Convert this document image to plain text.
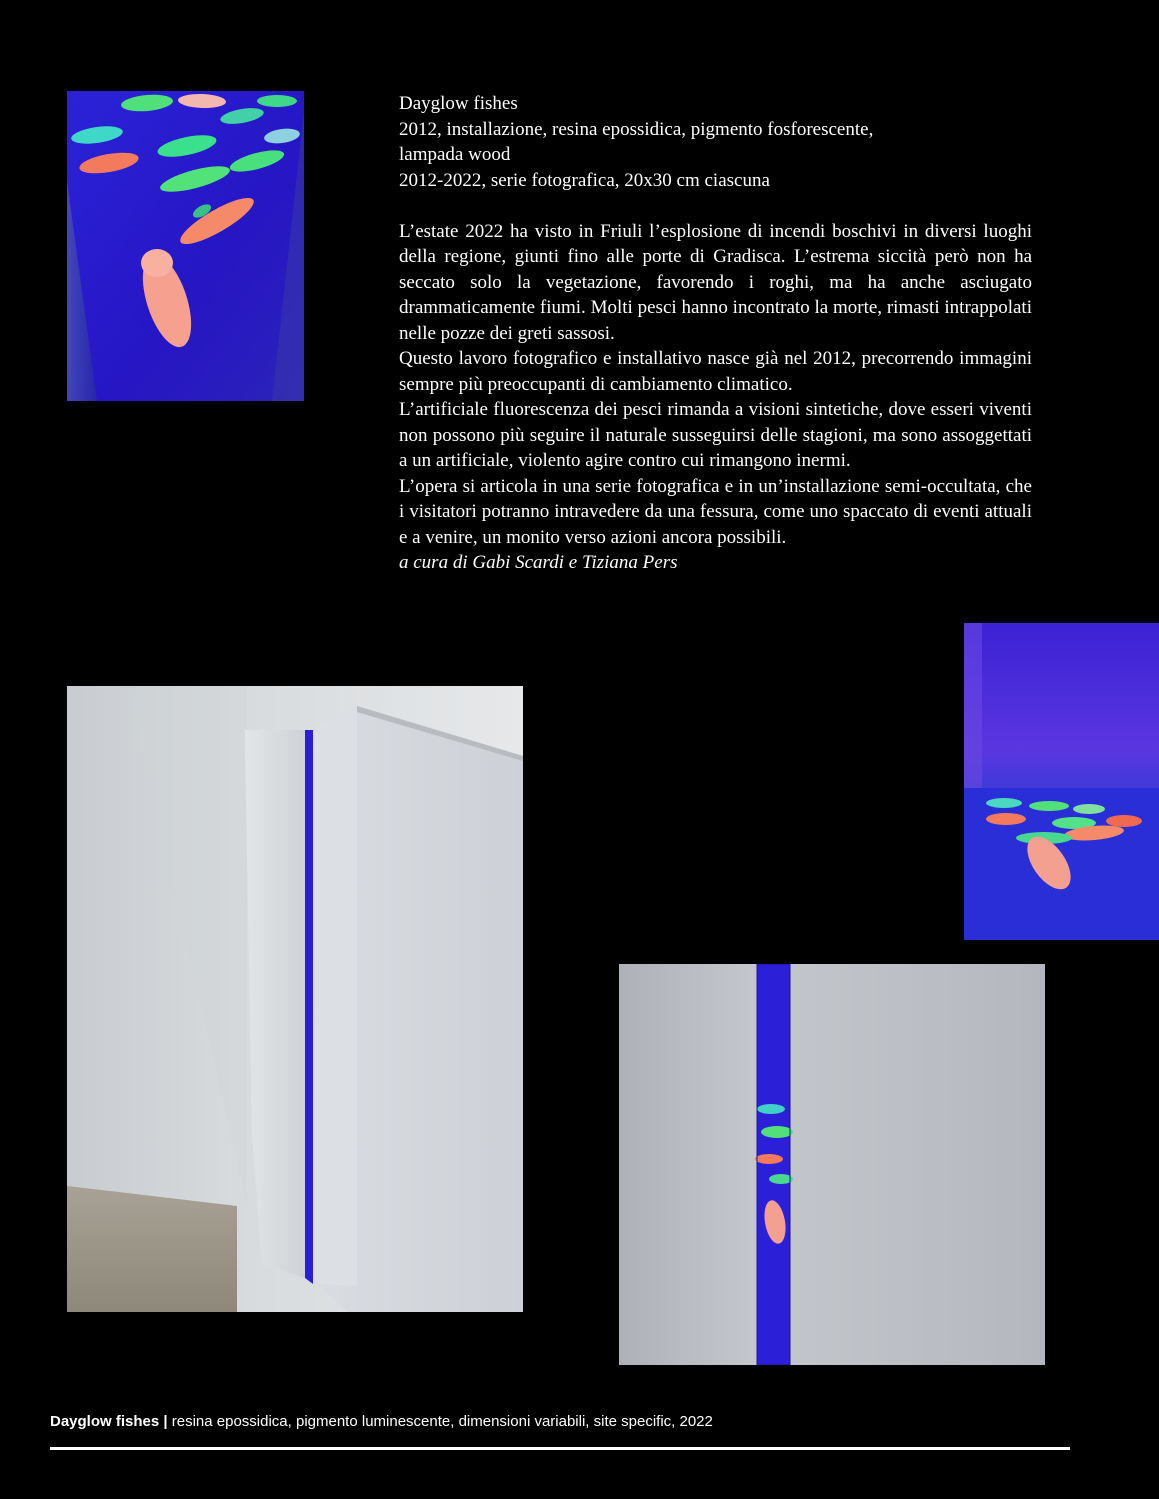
Dayglow fishes

2012, installazione, resina epossidica, pigmento fosforescente,

lampada wood

2012-2022, serie fotografica, 20x30 cm ciascuna

L’estate 2022 ha visto in Friuli l’esplosione di incendi boschivi in diversi luoghi della regione, giunti fino alle porte di Gradisca. L’estrema siccità però non ha seccato solo la vegetazione, favorendo i roghi, ma ha anche asciugato drammaticamente fiumi. Molti pesci hanno incontrato la morte, rimasti intrappolati nelle pozze dei greti sassosi.

Questo lavoro fotografico e installativo nasce già nel 2012, precorrendo immagini sempre più preoccupanti di cambiamento climatico.

L’artificiale fluorescenza dei pesci rimanda a visioni sintetiche, dove esseri viventi non possono più seguire il naturale susseguirsi delle stagioni, ma sono assoggettati a un artificiale, violento agire contro cui rimangono inermi.

L’opera si articola in una serie fotografica e in un’installazione semi-occultata, che i visitatori potranno intravedere da una fessura, come uno spaccato di eventi attuali e a venire, un monito verso azioni ancora possibili.

a cura di Gabi Scardi e Tiziana Pers

Dayglow fishes | resina epossidica, pigmento luminescente, dimensioni variabili, site specific, 2022
